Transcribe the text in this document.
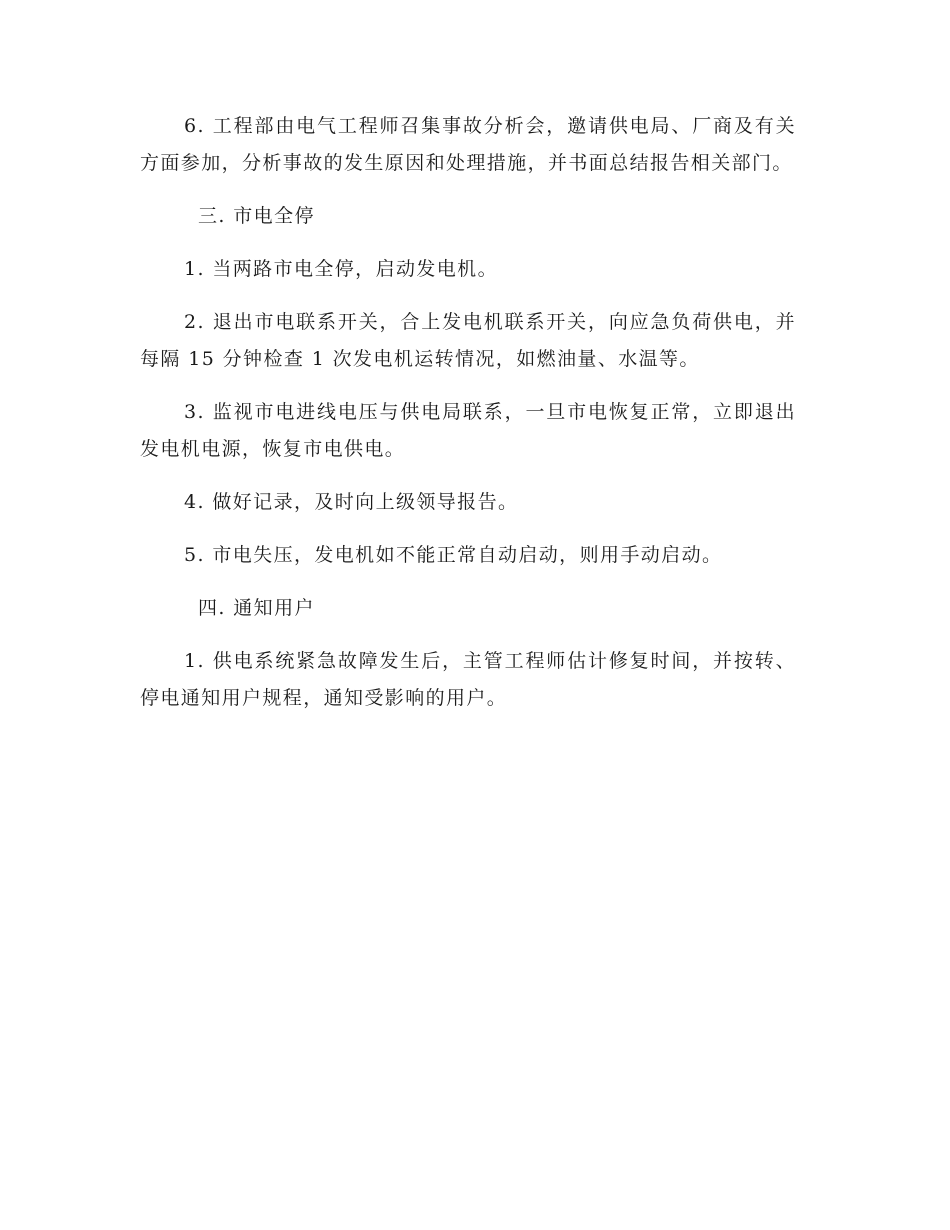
6. 工程部由电气工程师召集事故分析会，邀请供电局、厂商及有关方面参加，分析事故的发生原因和处理措施，并书面总结报告相关部门。

三. 市电全停

1. 当两路市电全停，启动发电机。

2. 退出市电联系开关，合上发电机联系开关，向应急负荷供电，并每隔 15 分钟检查 1 次发电机运转情况，如燃油量、水温等。

3. 监视市电进线电压与供电局联系，一旦市电恢复正常，立即退出发电机电源，恢复市电供电。

4. 做好记录，及时向上级领导报告。

5. 市电失压，发电机如不能正常自动启动，则用手动启动。

四. 通知用户

1. 供电系统紧急故障发生后，主管工程师估计修复时间，并按转、停电通知用户规程，通知受影响的用户。
